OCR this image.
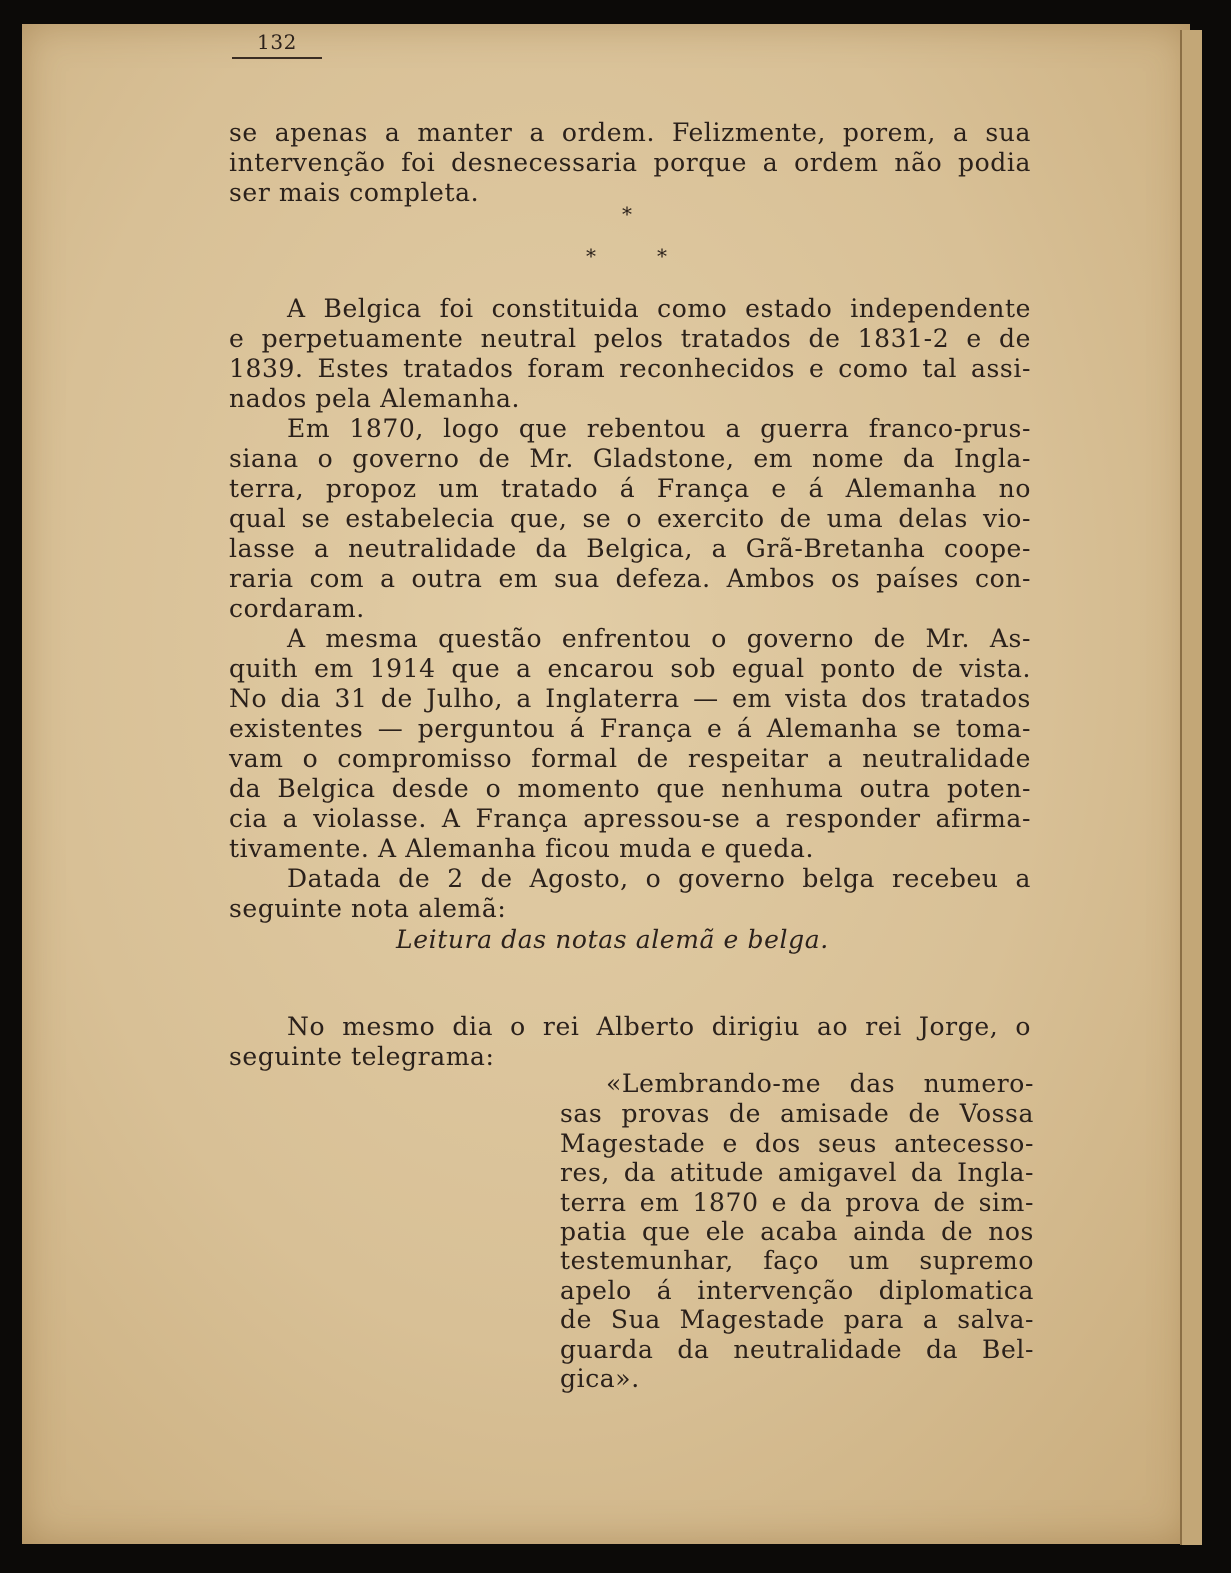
132
se apenas a manter a ordem. Felizmente, porem, a sua
intervenção foi desnecessaria porque a ordem não podia
ser mais completa.
*
*	*
A Belgica foi constituida como estado independente
e perpetuamente neutral pelos tratados de 1831-2 e de
1839. Estes tratados foram reconhecidos e como tal assi-
nados pela Alemanha.
Em 1870, logo que rebentou a guerra franco-prus-
siana o governo de Mr. Gladstone, em nome da Ingla-
terra, propoz um tratado á França e á Alemanha no
qual se estabelecia que, se o exercito de uma delas vio-
lasse a neutralidade da Belgica, a Grã-Bretanha coope-
raria com a outra em sua defeza. Ambos os países con-
cordaram.
A mesma questão enfrentou o governo de Mr. As-
quith em 1914 que a encarou sob egual ponto de vista.
No dia 31 de Julho, a Inglaterra — em vista dos tratados
existentes — perguntou á França e á Alemanha se toma-
vam o compromisso formal de respeitar a neutralidade
da Belgica desde o momento que nenhuma outra poten-
cia a violasse. A França apressou-se a responder afirma-
tivamente. A Alemanha ficou muda e queda.
Datada de 2 de Agosto, o governo belga recebeu a
seguinte nota alemã:
Leitura das notas alemã e belga.
No mesmo dia o rei Alberto dirigiu ao rei Jorge, o
seguinte telegrama:
«Lembrando-me das numero-
sas provas de amisade de Vossa
Magestade e dos seus antecesso-
res, da atitude amigavel da Ingla-
terra em 1870 e da prova de sim-
patia que ele acaba ainda de nos
testemunhar, faço um supremo
apelo á intervenção diplomatica
de Sua Magestade para a salva-
guarda da neutralidade da Bel-
gica».
